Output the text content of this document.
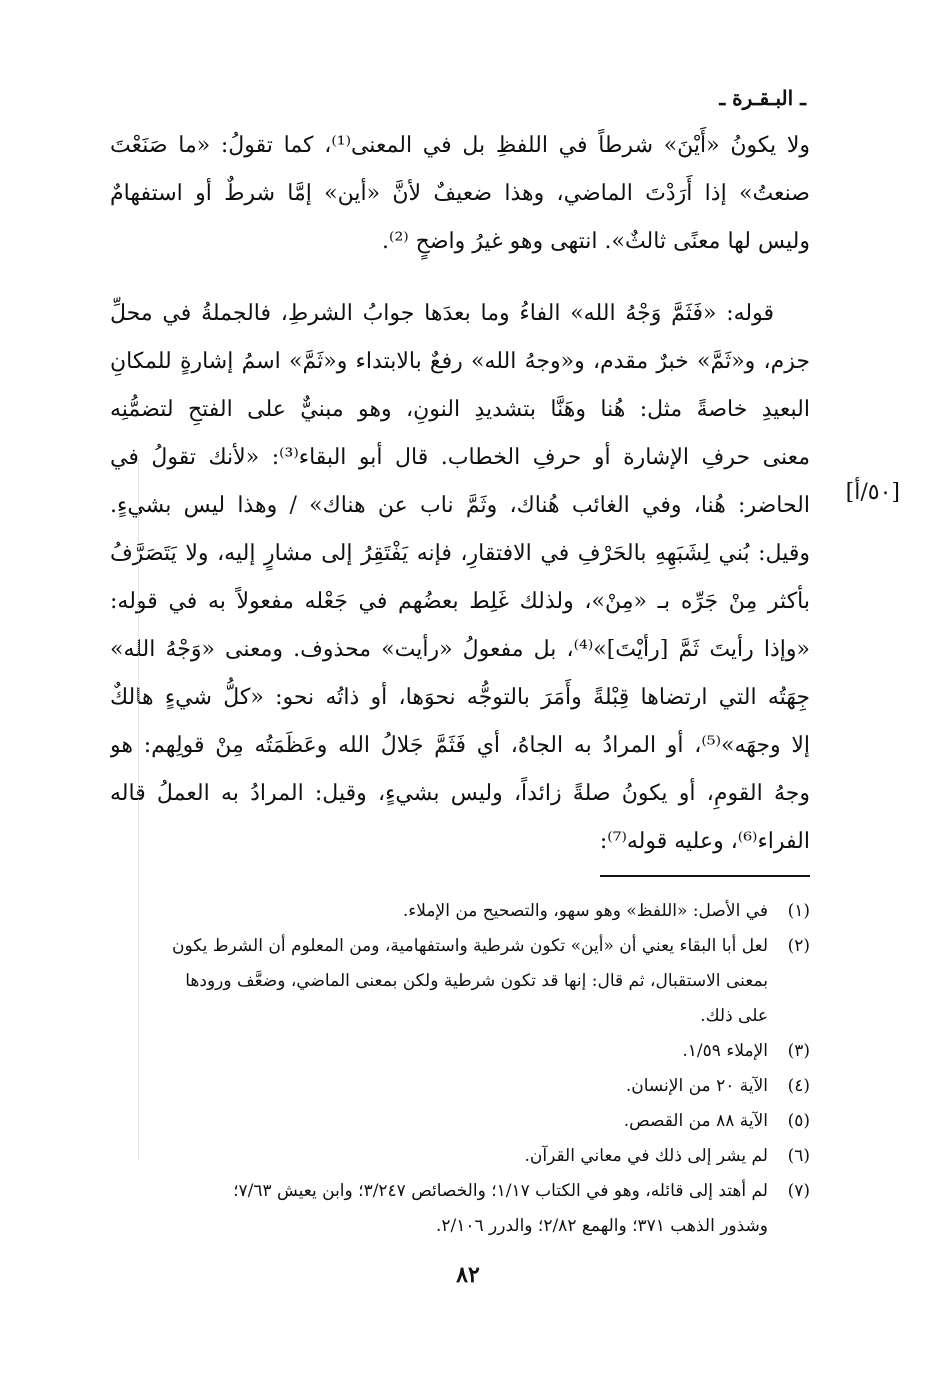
ـ البـقـرة ـ
ولا يكونُ «أَيْنَ» شرطاً في اللفظِ بل في المعنى⁽¹⁾، كما تقولُ: «ما صَنَعْتَ
صنعتُ» إذا أَرَدْتَ الماضي، وهذا ضعيفٌ لأنَّ «أين» إمَّا شرطٌ أو استفهامٌ
وليس لها معنًى ثالثٌ». انتهى وهو غيرُ واضحٍ ⁽²⁾.
قوله: «فَثَمَّ وَجْهُ الله» الفاءُ وما بعدَها جوابُ الشرطِ، فالجملةُ في محلِّ
جزم، و«ثَمَّ» خبرٌ مقدم، و«وجهُ الله» رفعٌ بالابتداء و«ثَمَّ» اسمُ إشارةٍ للمكانِ
البعيدِ خاصةً مثل: هُنا وهَنَّا بتشديدِ النونِ، وهو مبنيٌّ على الفتحِ لتضمُّنِه
معنى حرفِ الإشارة أو حرفِ الخطاب. قال أبو البقاء⁽³⁾: «لأنك تقولُ في
الحاضر: هُنا، وفي الغائب هُناك، وثَمَّ ناب عن هناك» / وهذا ليس بشيءٍ.
وقيل: بُني لِشَبَهِهِ بالحَرْفِ في الافتقارِ، فإنه يَفْتَقِرُ إلى مشارٍ إليه، ولا يَتَصَرَّفُ
بأكثر مِنْ جَرِّه بـ «مِنْ»، ولذلك غَلِط بعضُهم في جَعْله مفعولاً به في قوله:
«وإذا رأيتَ ثَمَّ [رأيْتَ]»⁽⁴⁾، بل مفعولُ «رأيت» محذوف. ومعنى «وَجْهُ الله»
جِهَتُه التي ارتضاها قِبْلةً وأَمَرَ بالتوجُّه نحوَها، أو ذاتُه نحو: «كلُّ شيءٍ هالكٌ
إلا وجهَه»⁽⁵⁾، أو المرادُ به الجاهُ، أي فَثَمَّ جَلالُ الله وعَظَمَتُه مِنْ قولِهم: هو
وجهُ القومِ، أو يكونُ صلةً زائداً، وليس بشيءٍ، وقيل: المرادُ به العملُ قاله
الفراء⁽⁶⁾، وعليه قوله⁽⁷⁾:
[٥٠/أ]
(١)
في الأصل: «اللفظ» وهو سهو، والتصحيح من الإملاء.
(٢)
لعل أبا البقاء يعني أن «أين» تكون شرطية واستفهامية، ومن المعلوم أن الشرط يكون
بمعنى الاستقبال، ثم قال: إنها قد تكون شرطية ولكن بمعنى الماضي، وضعَّف ورودها
على ذلك.
(٣)
الإملاء ١/٥٩.
(٤)
الآية ٢٠ من الإنسان.
(٥)
الآية ٨٨ من القصص.
(٦)
لم يشر إلى ذلك في معاني القرآن.
(٧)
لم أهتد إلى قائله، وهو في الكتاب ١/١٧؛ والخصائص ٣/٢٤٧؛ وابن يعيش ٧/٦٣؛
وشذور الذهب ٣٧١؛ والهمع ٢/٨٢؛ والدرر ٢/١٠٦.
٨٢
